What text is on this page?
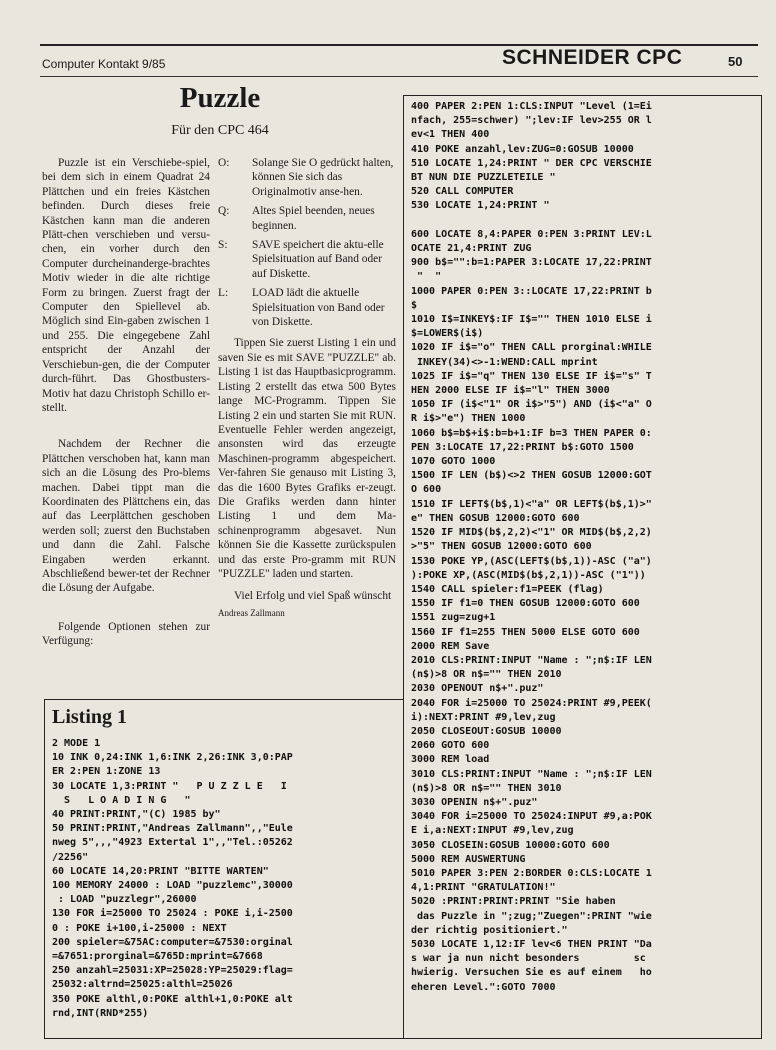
Computer Kontakt 9/85	SCHNEIDER CPC	50
Puzzle
Für den CPC 464

Puzzle ist ein Verschiebe-spiel, bei dem sich in einem Quadrat 24 Plättchen und ein freies Kästchen befinden. Durch dieses freie Kästchen kann man die anderen Plätt-chen verschieben und versu-chen, ein vorher durch den Computer durcheinanderge-brachtes Motiv wieder in die alte richtige Form zu bringen. Zuerst fragt der Computer den Spiellevel ab. Möglich sind Ein-gaben zwischen 1 und 255. Die eingegebene Zahl entspricht der Anzahl der Verschiebun-gen, die der Computer durch-führt. Das Ghostbusters-Motiv hat dazu Christoph Schillo er-stellt.

Nachdem der Rechner die Plättchen verschoben hat, kann man sich an die Lösung des Pro-blems machen. Dabei tippt man die Koordinaten des Plättchens ein, das auf das Leerplättchen geschoben werden soll; zuerst den Buchstaben und dann die Zahl. Falsche Eingaben werden erkannt. Abschließend bewer-tet der Rechner die Lösung der Aufgabe.

Folgende Optionen stehen zur Verfügung:

O:	Solange Sie O gedrückt halten, können Sie sich das Originalmotiv anse-hen.
Q:	Altes Spiel beenden, neues beginnen.
S:	SAVE speichert die aktu-elle Spielsituation auf Band oder auf Diskette.
L:	LOAD lädt die aktuelle Spielsituation von Band oder von Diskette.

Tippen Sie zuerst Listing 1 ein und saven Sie es mit SAVE "PUZZLE" ab. Listing 1 ist das Hauptbasicprogramm. Listing 2 erstellt das etwa 500 Bytes lange MC-Programm. Tippen Sie Listing 2 ein und starten Sie mit RUN. Eventuelle Fehler werden angezeigt, ansonsten wird das erzeugte Maschinen-programm abgespeichert. Ver-fahren Sie genauso mit Listing 3, das die 1600 Bytes Grafiks er-zeugt. Die Grafiks werden dann hinter Listing 1 und dem Ma-schinenprogramm abgesavet. Nun können Sie die Kassette zurückspulen und das erste Pro-gramm mit RUN "PUZZLE" laden und starten.

Viel Erfolg und viel Spaß wünscht

Andreas Zallmann

Listing 1
2 MODE 1
10 INK 0,24:INK 1,6:INK 2,26:INK 3,0:PAP
ER 2:PEN 1:ZONE 13
30 LOCATE 1,3:PRINT "   P U Z Z L E   I
S   L O A D I N G   "
40 PRINT:PRINT,"(C) 1985 by"
50 PRINT:PRINT,"Andreas Zallmann",,"Eule
nweg 5",,,"4923 Extertal 1",,"Tel.:05262
/2256"
60 LOCATE 14,20:PRINT "BITTE WARTEN"
100 MEMORY 24000 : LOAD "puzzlemc",30000
: LOAD "puzzlegr",26000
130 FOR i=25000 TO 25024 : POKE i,i-2500
0 : POKE i+100,i-25000 : NEXT
200 spieler=&75AC:computer=&7530:orginal
=&7651:prorginal=&765D:mprint=&7668
250 anzahl=25031:XP=25028:YP=25029:flag=
25032:altrnd=25025:althl=25026
350 POKE althl,0:POKE althl+1,0:POKE alt
rnd,INT(RND*255)
400 PAPER 2:PEN 1:CLS:INPUT "Level (1=Ei
nfach, 255=schwer) ";lev:IF lev>255 OR l
ev<1 THEN 400
410 POKE anzahl,lev:ZUG=0:GOSUB 10000
510 LOCATE 1,24:PRINT " DER CPC VERSCHIE
BT NUN DIE PUZZLETEILE "
520 CALL COMPUTER
530 LOCATE 1,24:PRINT "

600 LOCATE 8,4:PAPER 0:PEN 3:PRINT LEV:L
OCATE 21,4:PRINT ZUG
900 b$="":b=1:PAPER 3:LOCATE 17,22:PRINT
"  "
1000 PAPER 0:PEN 3::LOCATE 17,22:PRINT b
$
1010 I$=INKEY$:IF I$="" THEN 1010 ELSE i
$=LOWER$(i$)
1020 IF i$="o" THEN CALL prorginal:WHILE
INKEY(34)<>-1:WEND:CALL mprint
1025 IF i$="q" THEN 130 ELSE IF i$="s" T
HEN 2000 ELSE IF i$="l" THEN 3000
1050 IF (i$<"1" OR i$>"5") AND (i$<"a" O
R i$>"e") THEN 1000
1060 b$=b$+i$:b=b+1:IF b=3 THEN PAPER 0:
PEN 3:LOCATE 17,22:PRINT b$:GOTO 1500
1070 GOTO 1000
1500 IF LEN (b$)<>2 THEN GOSUB 12000:GOT
O 600
1510 IF LEFT$(b$,1)<"a" OR LEFT$(b$,1)>"
e" THEN GOSUB 12000:GOTO 600
1520 IF MID$(b$,2,2)<"1" OR MID$(b$,2,2)
>"5" THEN GOSUB 12000:GOTO 600
1530 POKE YP,(ASC(LEFT$(b$,1))-ASC ("a")
):POKE XP,(ASC(MID$(b$,2,1))-ASC ("1"))
1540 CALL spieler:f1=PEEK (flag)
1550 IF f1=0 THEN GOSUB 12000:GOTO 600
1551 zug=zug+1
1560 IF f1=255 THEN 5000 ELSE GOTO 600
2000 REM Save
2010 CLS:PRINT:INPUT "Name : ";n$:IF LEN
(n$)>8 OR n$="" THEN 2010
2030 OPENOUT n$+".puz"
2040 FOR i=25000 TO 25024:PRINT #9,PEEK(
i):NEXT:PRINT #9,lev,zug
2050 CLOSEOUT:GOSUB 10000
2060 GOTO 600
3000 REM load
3010 CLS:PRINT:INPUT "Name : ";n$:IF LEN
(n$)>8 OR n$="" THEN 3010
3030 OPENIN n$+".puz"
3040 FOR i=25000 TO 25024:INPUT #9,a:POK
E i,a:NEXT:INPUT #9,lev,zug
3050 CLOSEIN:GOSUB 10000:GOTO 600
5000 REM AUSWERTUNG
5010 PAPER 3:PEN 2:BORDER 0:CLS:LOCATE 1
4,1:PRINT "GRATULATION!"
5020 :PRINT:PRINT:PRINT "Sie haben
das Puzzle in ";zug;"Zuegen":PRINT "wie
der richtig positioniert."
5030 LOCATE 1,12:IF lev<6 THEN PRINT "Da
s war ja nun nicht besonders         sc
hwierig. Versuchen Sie es auf einem   ho
eheren Level.":GOTO 7000
